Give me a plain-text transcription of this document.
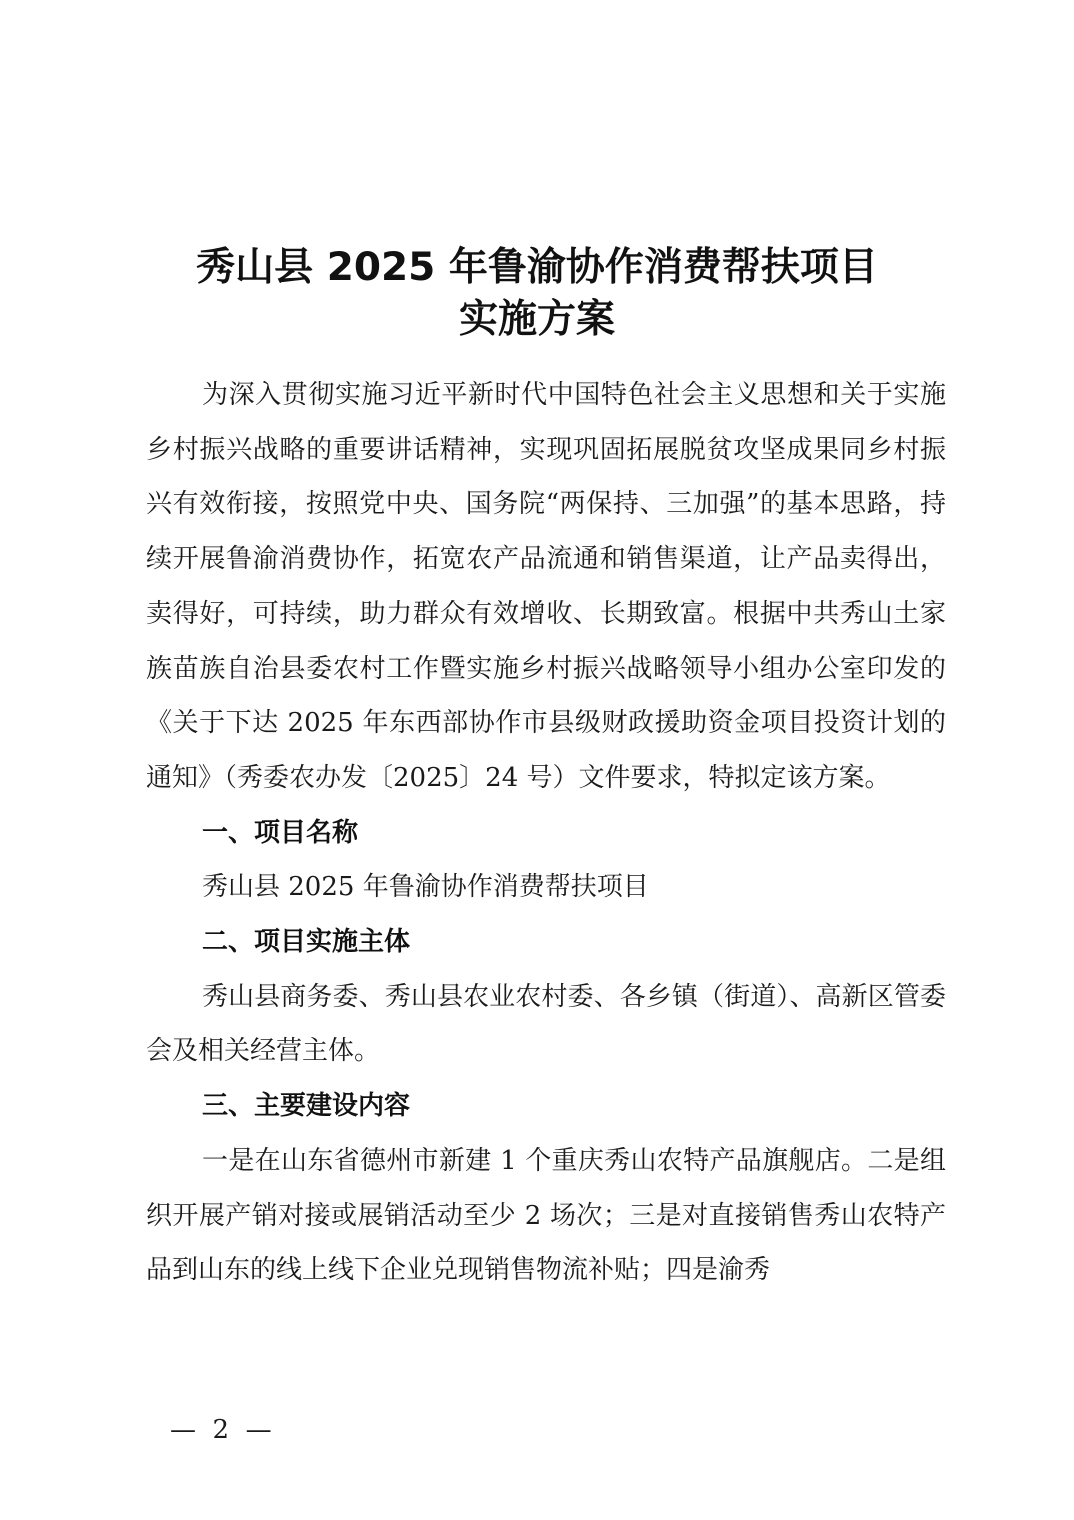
秀山县 2025 年鲁渝协作消费帮扶项目
实施方案

为深入贯彻实施习近平新时代中国特色社会主义思想和关于实施乡村振兴战略的重要讲话精神，实现巩固拓展脱贫攻坚成果同乡村振兴有效衔接，按照党中央、国务院“两保持、三加强”的基本思路，持续开展鲁渝消费协作，拓宽农产品流通和销售渠道，让产品卖得出，卖得好，可持续，助力群众有效增收、长期致富。根据中共秀山土家族苗族自治县委农村工作暨实施乡村振兴战略领导小组办公室印发的《关于下达 2025 年东西部协作市县级财政援助资金项目投资计划的通知》（秀委农办发〔2025〕24 号）文件要求，特拟定该方案。

一、项目名称

秀山县 2025 年鲁渝协作消费帮扶项目

二、项目实施主体

秀山县商务委、秀山县农业农村委、各乡镇（街道）、高新区管委会及相关经营主体。

三、主要建设内容

一是在山东省德州市新建 1 个重庆秀山农特产品旗舰店。二是组织开展产销对接或展销活动至少 2 场次；三是对直接销售秀山农特产品到山东的线上线下企业兑现销售物流补贴；四是渝秀

—  2  —
